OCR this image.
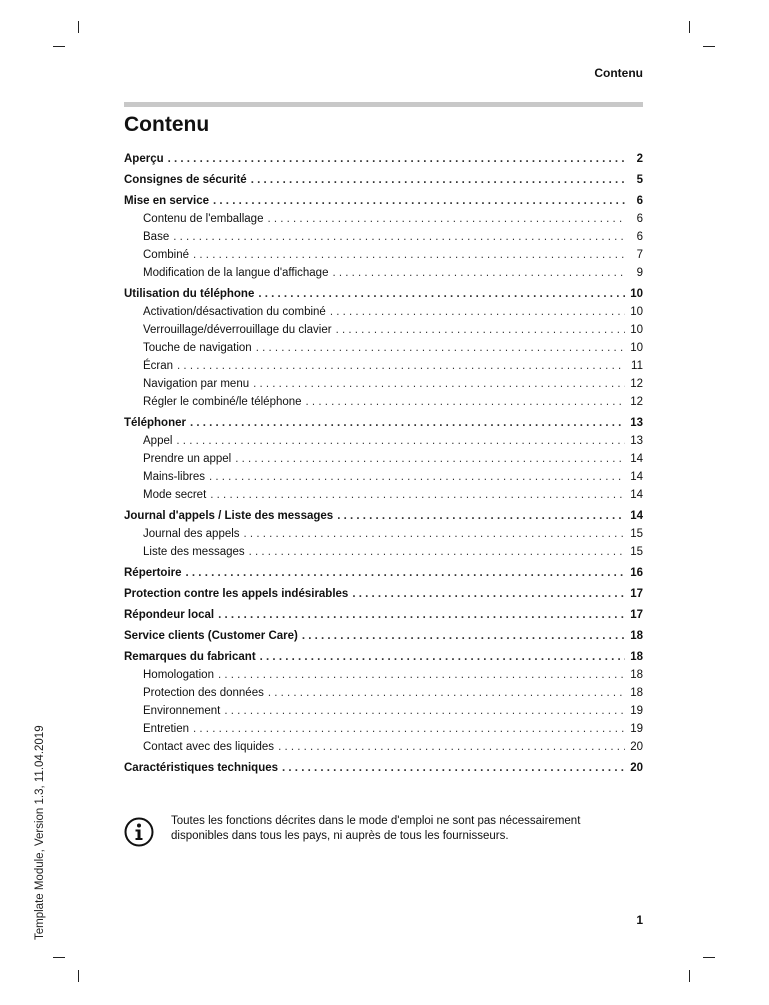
Contenu
Contenu
Aperçu . . .	2
Consignes de sécurité . . .	5
Mise en service . . .	6
Contenu de l'emballage . . .	6
Base . . .	6
Combiné . . .	7
Modification de la langue d'affichage . . .	9
Utilisation du téléphone . . .	10
Activation/désactivation du combiné . . .	10
Verrouillage/déverrouillage du clavier . . .	10
Touche de navigation . . .	10
Écran . . .	11
Navigation par menu . . .	12
Régler le combiné/le téléphone . . .	12
Téléphoner . . .	13
Appel . . .	13
Prendre un appel . . .	14
Mains-libres . . .	14
Mode secret . . .	14
Journal d'appels / Liste des messages . . .	14
Journal des appels . . .	15
Liste des messages . . .	15
Répertoire . . .	16
Protection contre les appels indésirables . . .	17
Répondeur local . . .	17
Service clients (Customer Care) . . .	18
Remarques du fabricant . . .	18
Homologation . . .	18
Protection des données . . .	18
Environnement . . .	19
Entretien . . .	19
Contact avec des liquides . . .	20
Caractéristiques techniques . . .	20
Toutes les fonctions décrites dans le mode d'emploi ne sont pas nécessairement
disponibles dans tous les pays, ni auprès de tous les fournisseurs.
Template Module, Version 1.3, 11.04.2019	1
